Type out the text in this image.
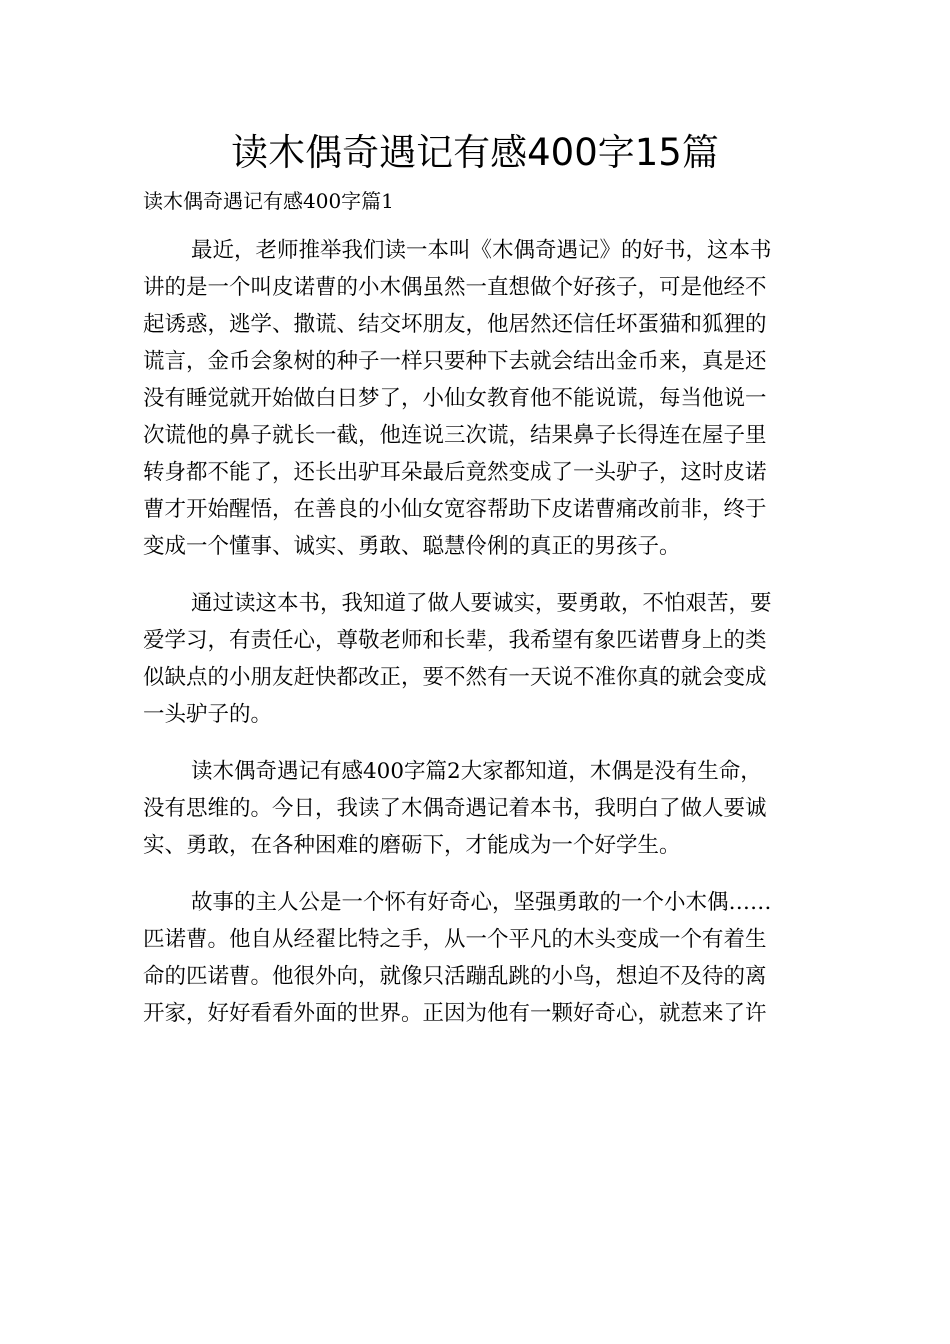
读木偶奇遇记有感400字15篇
读木偶奇遇记有感400字篇1
最近，老师推举我们读一本叫《木偶奇遇记》的好书，这本书
讲的是一个叫皮诺曹的小木偶虽然一直想做个好孩子，可是他经不
起诱惑，逃学、撒谎、结交坏朋友，他居然还信任坏蛋猫和狐狸的
谎言，金币会象树的种子一样只要种下去就会结出金币来，真是还
没有睡觉就开始做白日梦了，小仙女教育他不能说谎，每当他说一
次谎他的鼻子就长一截，他连说三次谎，结果鼻子长得连在屋子里
转身都不能了，还长出驴耳朵最后竟然变成了一头驴子，这时皮诺
曹才开始醒悟，在善良的小仙女宽容帮助下皮诺曹痛改前非，终于
变成一个懂事、诚实、勇敢、聪慧伶俐的真正的男孩子。
通过读这本书，我知道了做人要诚实，要勇敢，不怕艰苦，要
爱学习，有责任心，尊敬老师和长辈，我希望有象匹诺曹身上的类
似缺点的小朋友赶快都改正，要不然有一天说不准你真的就会变成
一头驴子的。
读木偶奇遇记有感400字篇2大家都知道，木偶是没有生命，
没有思维的。今日，我读了木偶奇遇记着本书，我明白了做人要诚
实、勇敢，在各种困难的磨砺下，才能成为一个好学生。
故事的主人公是一个怀有好奇心，坚强勇敢的一个小木偶……
匹诺曹。他自从经翟比特之手，从一个平凡的木头变成一个有着生
命的匹诺曹。他很外向，就像只活蹦乱跳的小鸟，想迫不及待的离
开家，好好看看外面的世界。正因为他有一颗好奇心，就惹来了许
